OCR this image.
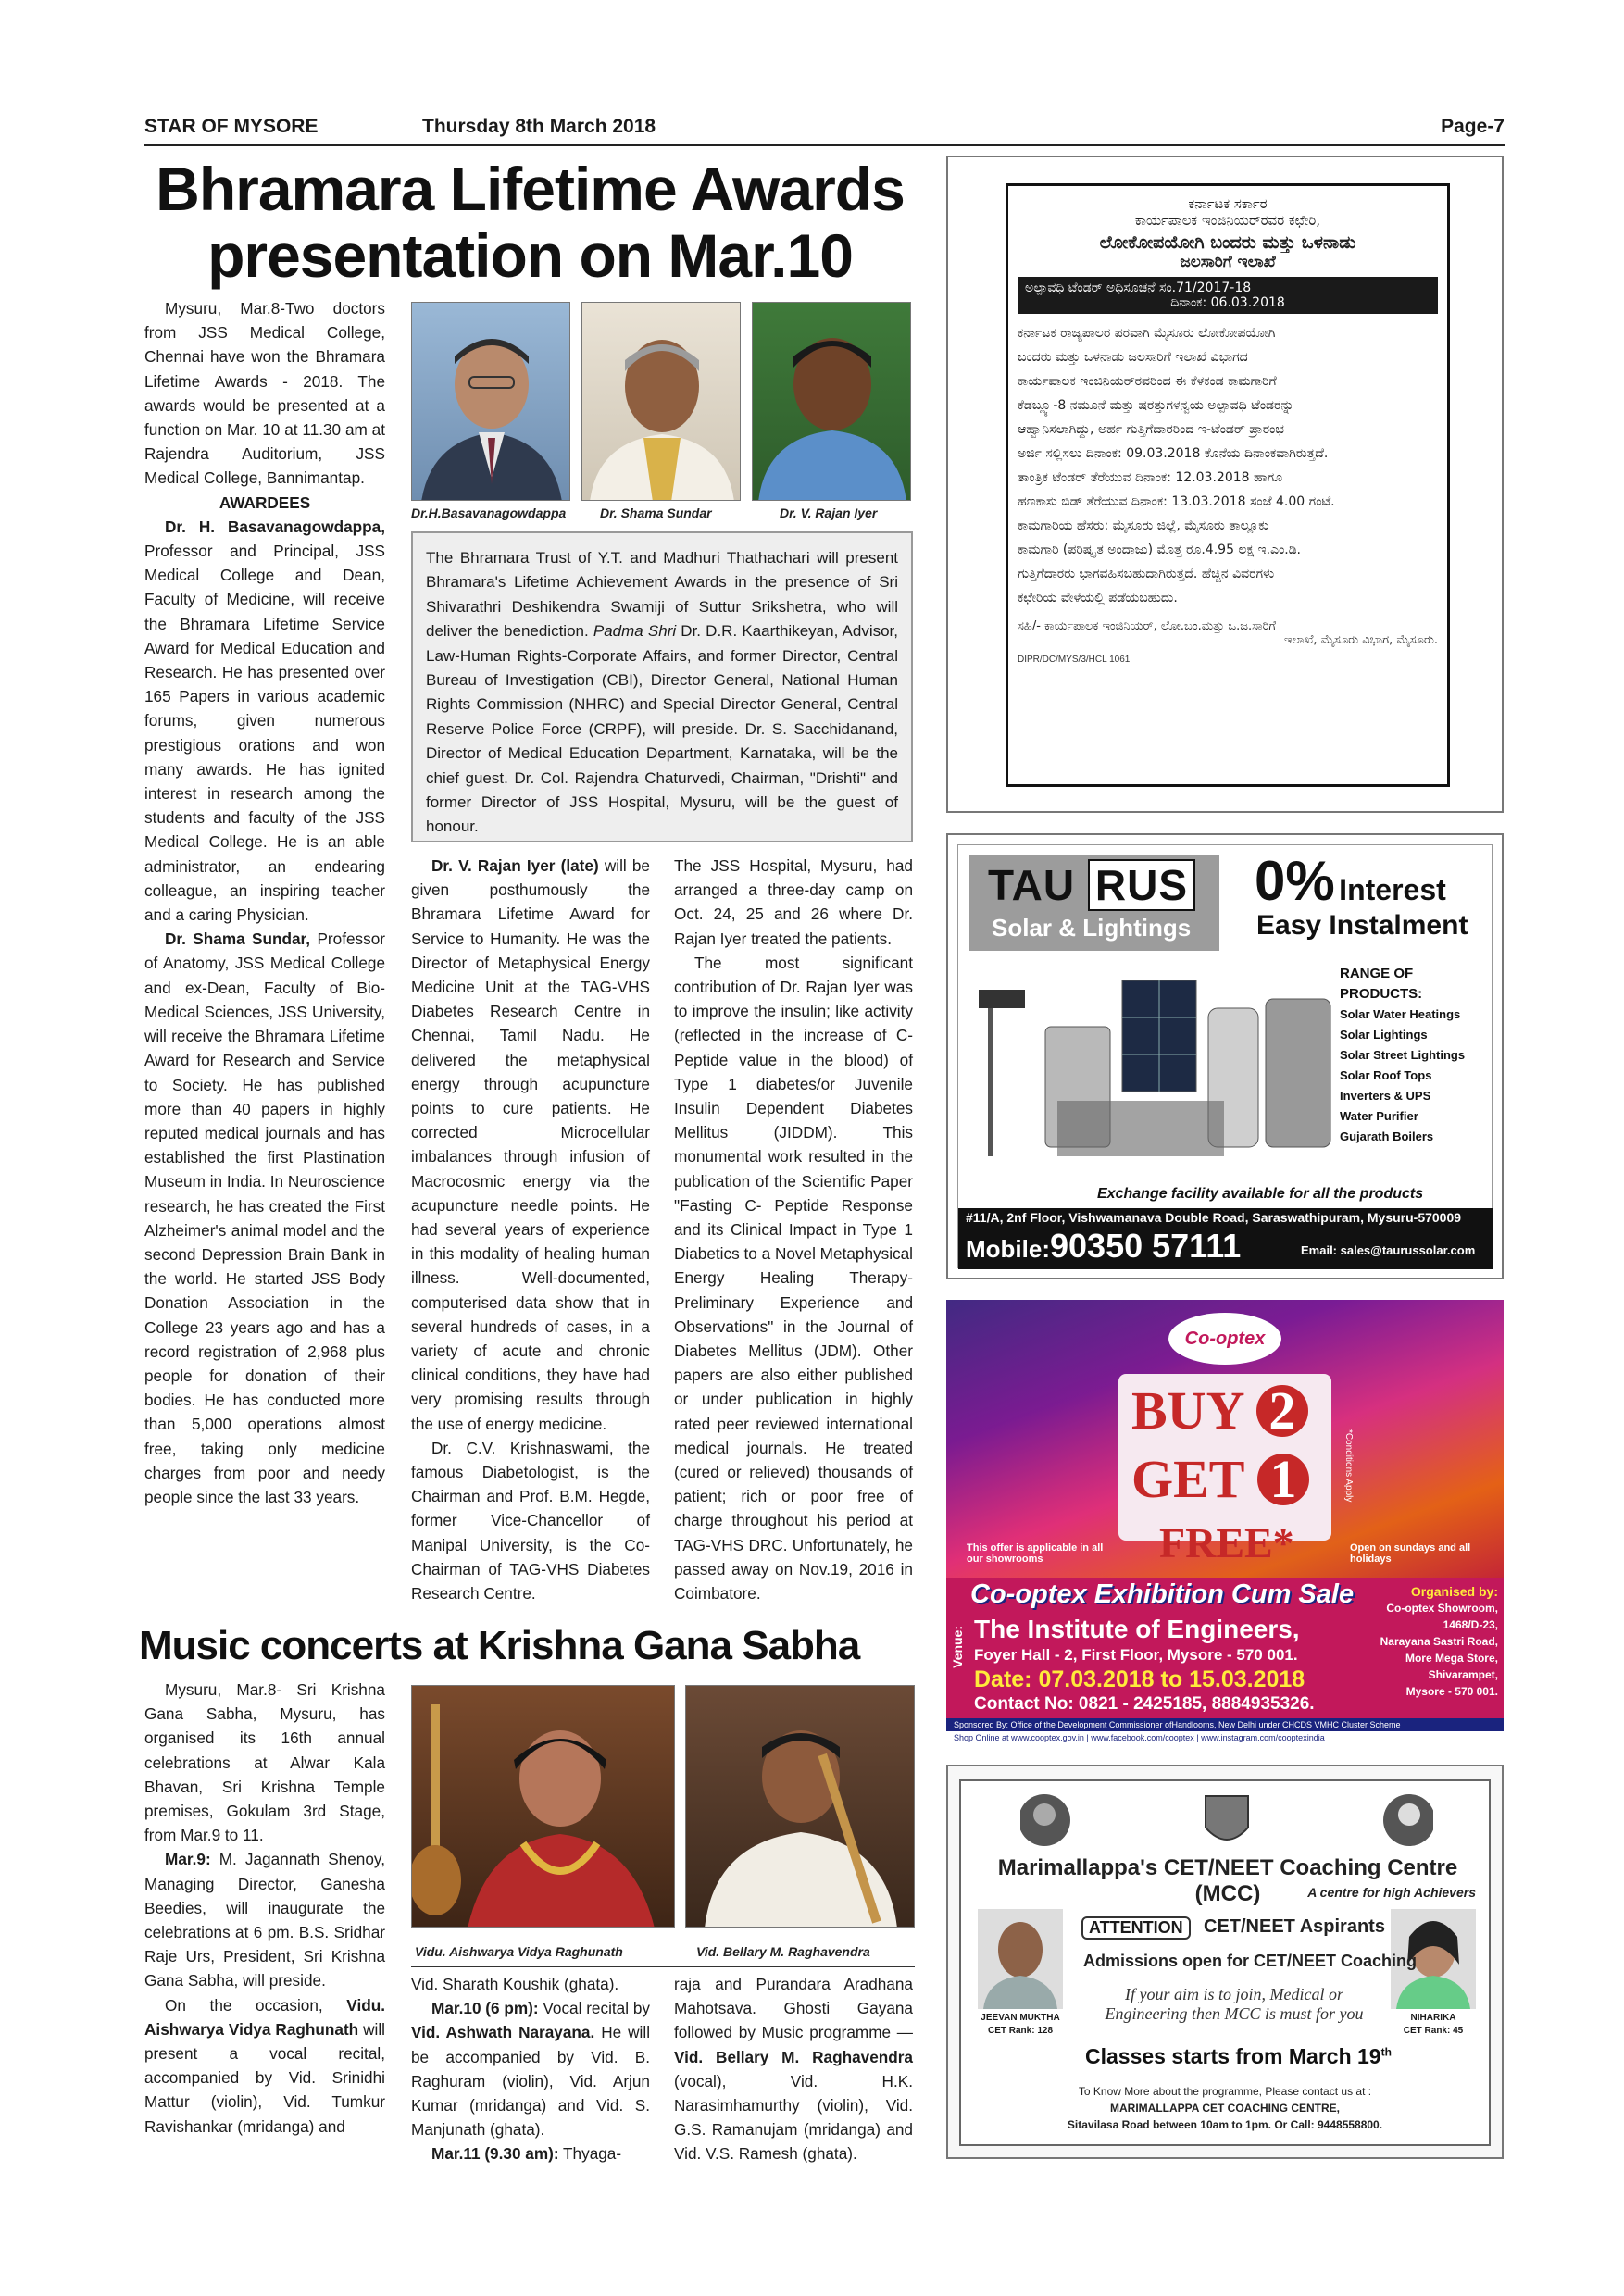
STAR OF MYSORE	Thursday 8th March 2018	Page-7
Bhramara Lifetime Awards
presentation on Mar.10

Mysuru, Mar.8-Two doctors from JSS Medical College, Chennai have won the Bhramara Lifetime Awards - 2018. The awards would be presented at a function on Mar. 10 at 11.30 am at Rajendra Auditorium, JSS Medical College, Bannimantap.

AWARDEES

Dr. H. Basavanagowdappa, Professor and Principal, JSS Medical College and Dean, Faculty of Medicine, will receive the Bhramara Lifetime Service Award for Medical Education and Research. He has presented over 165 Papers in various academic forums, given numerous prestigious orations and won many awards. He has ignited interest in research among the students and faculty of the JSS Medical College. He is an able administrator, an endearing colleague, an inspiring teacher and a caring Physician.

Dr. Shama Sundar, Professor of Anatomy, JSS Medical College and ex-Dean, Faculty of Bio-Medical Sciences, JSS University, will receive the Bhramara Lifetime Award for Research and Service to Society. He has published more than 40 papers in highly reputed medical journals and has established the first Plastination Museum in India. In Neuroscience research, he has created the First Alzheimer's animal model and the second Depression Brain Bank in the world. He started JSS Body Donation Association in the College 23 years ago and has a record registration of 2,968 plus people for donation of their bodies. He has conducted more than 5,000 operations almost free, taking only medicine charges from poor and needy people since the last 33 years.

Dr.H.Basavanagowdappa	Dr. Shama Sundar	Dr. V. Rajan Iyer
The Bhramara Trust of Y.T. and Madhuri Thathachari will present Bhramara's Lifetime Achievement Awards in the presence of Sri Shivarathri Deshikendra Swamiji of Suttur Srikshetra, who will deliver the benediction. Padma Shri Dr. D.R. Kaarthikeyan, Advisor, Law-Human Rights-Corporate Affairs, and former Director, Central Bureau of Investigation (CBI), Director General, National Human Rights Commission (NHRC) and Special Director General, Central Reserve Police Force (CRPF), will preside. Dr. S. Sacchidanand, Director of Medical Education Department, Karnataka, will be the chief guest. Dr. Col. Rajendra Chaturvedi, Chairman, "Drishti" and former Director of JSS Hospital, Mysuru, will be the guest of honour.

Dr. V. Rajan Iyer (late) will be given posthumously the Bhramara Lifetime Award for Service to Humanity. He was the Director of Metaphysical Energy Medicine Unit at the TAG-VHS Diabetes Research Centre in Chennai, Tamil Nadu. He delivered the metaphysical energy through acupuncture points to cure patients. He corrected Microcellular imbalances through infusion of Macrocosmic energy via the acupuncture needle points. He had several years of experience in this modality of healing human illness. Well-documented, computerised data show that in several hundreds of cases, in a variety of acute and chronic clinical conditions, they have had very promising results through the use of energy medicine.

Dr. C.V. Krishnaswami, the famous Diabetologist, is the Chairman and Prof. B.M. Hegde, former Vice-Chancellor of Manipal University, is the Co-Chairman of TAG-VHS Diabetes Research Centre.

The JSS Hospital, Mysuru, had arranged a three-day camp on Oct. 24, 25 and 26 where Dr. Rajan Iyer treated the patients.

The most significant contribution of Dr. Rajan Iyer was to improve the insulin; like activity (reflected in the increase of C-Peptide value in the blood) of Type 1 diabetes/or Juvenile Insulin Dependent Diabetes Mellitus (JIDDM). This monumental work resulted in the publication of the Scientific Paper "Fasting C- Peptide Response and its Clinical Impact in Type 1 Diabetics to a Novel Metaphysical Energy Healing Therapy-Preliminary Experience and Observations" in the Journal of Diabetes Mellitus (JDM). Other papers are also either published or under publication in highly rated peer reviewed international medical journals. He treated (cured or relieved) thousands of patient; rich or poor free of charge throughout his period at TAG-VHS DRC. Unfortunately, he passed away on Nov.19, 2016 in Coimbatore.

Music concerts at Krishna Gana Sabha

Mysuru, Mar.8- Sri Krishna Gana Sabha, Mysuru, has organised its 16th annual celebrations at Alwar Kala Bhavan, Sri Krishna Temple premises, Gokulam 3rd Stage, from Mar.9 to 11.

Mar.9: M. Jagannath Shenoy, Managing Director, Ganesha Beedies, will inaugurate the celebrations at 6 pm. B.S. Sridhar Raje Urs, President, Sri Krishna Gana Sabha, will preside.

On the occasion, Vidu. Aishwarya Vidya Raghunath will present a vocal recital, accompanied by Vid. Srinidhi Mattur (violin), Vid. Tumkur Ravishankar (mridanga) and

Vidu. Aishwarya Vidya Raghunath	Vid. Bellary M. Raghavendra

Vid. Sharath Koushik (ghata).

Mar.10 (6 pm): Vocal recital by Vid. Ashwath Narayana. He will be accompanied by Vid. B. Raghuram (violin), Vid. Arjun Kumar (mridanga) and Vid. S. Manjunath (ghata).

Mar.11 (9.30 am): Thyaga-

raja and Purandara Aradhana Mahotsava. Ghosti Gayana followed by Music programme — Vid. Bellary M. Raghavendra (vocal), Vid. H.K. Narasimhamurthy (violin), Vid. G.S. Ramanujam (mridanga) and Vid. V.S. Ramesh (ghata).

ಕರ್ನಾಟಕ ಸರ್ಕಾರ
ಕಾರ್ಯಪಾಲಕ ಇಂಜಿನಿಯರ್‌ರವರ ಕಛೇರಿ,
ಲೋಕೋಪಯೋಗಿ ಬಂದರು ಮತ್ತು ಒಳನಾಡು
ಜಲಸಾರಿಗೆ ಇಲಾಖೆ
ಅಲ್ಪಾವಧಿ ಟೆಂಡರ್ ಅಧಿಸೂಚನೆ ಸಂ.71/2017-18
ದಿನಾಂಕ: 06.03.2018
ಕರ್ನಾಟಕ ರಾಜ್ಯಪಾಲರ ಪರವಾಗಿ ಮೈಸೂರು ಲೋಕೋಪಯೋಗಿ
ಬಂದರು ಮತ್ತು ಒಳನಾಡು ಜಲಸಾರಿಗೆ ಇಲಾಖೆ ವಿಭಾಗದ
ಕಾರ್ಯಪಾಲಕ ಇಂಜಿನಿಯರ್‌ರವರಿಂದ ಈ ಕೆಳಕಂಡ ಕಾಮಗಾರಿಗೆ
ಕೆಡಬ್ಲ್ಯೂ-8 ನಮೂನೆ ಮತ್ತು ಷರತ್ತುಗಳನ್ವಯ ಅಲ್ಪಾವಧಿ ಟೆಂಡರನ್ನು
ಆಹ್ವಾನಿಸಲಾಗಿದ್ದು, ಅರ್ಹ ಗುತ್ತಿಗೆದಾರರಿಂದ ಇ-ಟೆಂಡರ್ ಪ್ರಾರಂಭ
ಅರ್ಜಿ ಸಲ್ಲಿಸಲು ದಿನಾಂಕ: 09.03.2018 ಕೊನೆಯ ದಿನಾಂಕವಾಗಿರುತ್ತದೆ.
ತಾಂತ್ರಿಕ ಟೆಂಡರ್ ತೆರೆಯುವ ದಿನಾಂಕ: 12.03.2018 ಹಾಗೂ
ಹಣಕಾಸು ಬಿಡ್ ತೆರೆಯುವ ದಿನಾಂಕ: 13.03.2018 ಸಂಜೆ 4.00 ಗಂಟೆ.
ಕಾಮಗಾರಿಯ ಹೆಸರು: ಮೈಸೂರು ಜಿಲ್ಲೆ, ಮೈಸೂರು ತಾಲ್ಲೂಕು
ಕಾಮಗಾರಿ (ಪರಿಷ್ಕೃತ ಅಂದಾಜು) ಮೊತ್ತ ರೂ.4.95 ಲಕ್ಷ ಇ.ಎಂ.ಡಿ.
ಗುತ್ತಿಗೆದಾರರು ಭಾಗವಹಿಸಬಹುದಾಗಿರುತ್ತದೆ. ಹೆಚ್ಚಿನ ವಿವರಗಳು
ಕಛೇರಿಯ ವೇಳೆಯಲ್ಲಿ ಪಡೆಯಬಹುದು.
ಸಹಿ/- ಕಾರ್ಯಪಾಲಕ ಇಂಜಿನಿಯರ್, ಲೋ.ಬಂ.ಮತ್ತು ಒ.ಜ.ಸಾರಿಗೆ
ಇಲಾಖೆ, ಮೈಸೂರು ವಿಭಾಗ, ಮೈಸೂರು.
DIPR/DC/MYS/3/HCL 1061
TAU RUS
Solar & Lightings
0% Interest
Easy Instalment
RANGE OF PRODUCTS:
Solar Water Heatings
Solar Lightings
Solar Street Lightings
Solar Roof Tops
Inverters & UPS
Water Purifier
Gujarath Boilers
Exchange facility available for all the products
#11/A, 2nf Floor, Vishwamanava Double Road, Saraswathipuram, Mysuru-570009
Mobile:90350 57111	Email: sales@taurussolar.com
Co-optex
BUY 2
GET 1
FREE*
*Conditions Apply
This offer is applicable in all our showrooms
Open on sundays and all holidays
Co-optex Exhibition Cum Sale
Venue: The Institute of Engineers,
Foyer Hall - 2, First Floor, Mysore - 570 001.
Date: 07.03.2018 to 15.03.2018
Contact No: 0821 - 2425185, 8884935326.
Organised by:
Co-optex Showroom,
1468/D-23,
Narayana Sastri Road,
More Mega Store,
Shivarampet,
Mysore - 570 001.
Sponsored By: Office of the Development Commissioner ofHandlooms, New Delhi under CHCDS VMHC Cluster Scheme
Shop Online at www.cooptex.gov.in | www.facebook.com/cooptex | www.instagram.com/cooptexindia
Marimallappa's CET/NEET Coaching Centre (MCC)	A centre for high Achievers
JEEVAN MUKTHA
CET Rank: 128
NIHARIKA
CET Rank: 45
ATTENTION	CET/NEET Aspirants
Admissions open for CET/NEET Coaching
If your aim is to join, Medical or
Engineering then MCC is must for you
Classes starts from March 19th
To Know More about the programme, Please contact us at :
MARIMALLAPPA CET COACHING CENTRE,
Sitavilasa Road between 10am to 1pm. Or Call: 9448558800.
